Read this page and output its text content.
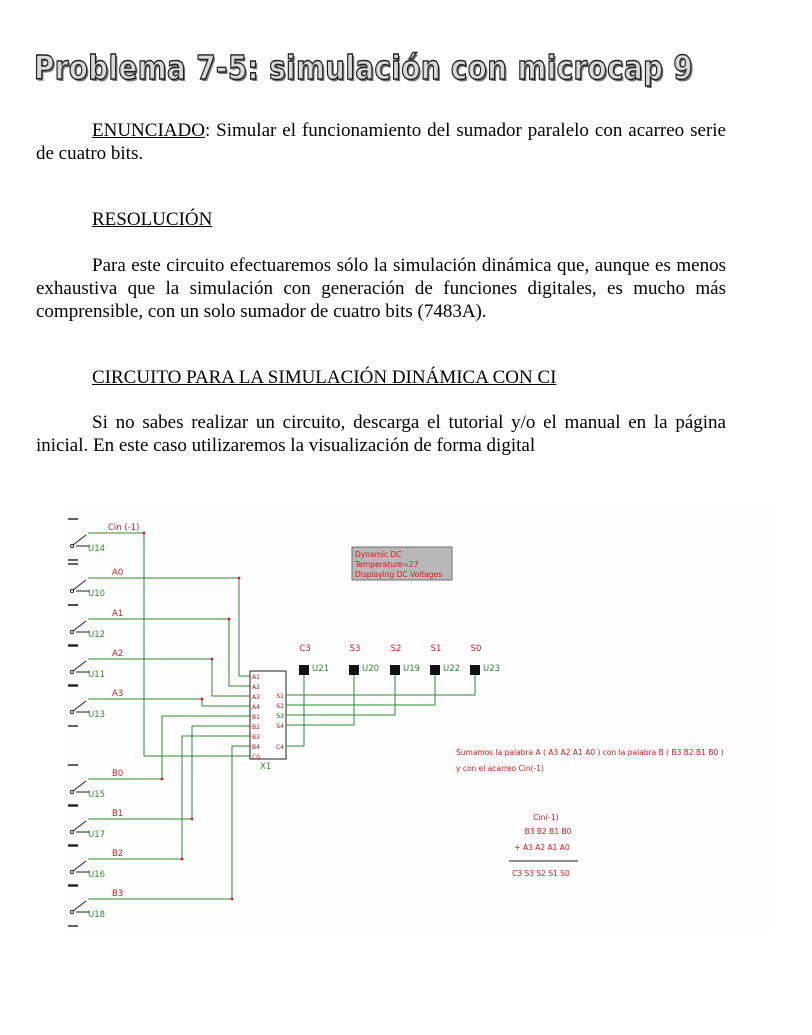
Problema 7-5: simulación con microcap 9

ENUNCIADO: Simular el funcionamiento del sumador paralelo con acarreo serie de cuatro bits.

RESOLUCIÓN

Para este circuito efectuaremos sólo la simulación dinámica que, aunque es menos exhaustiva que la simulación con generación de funciones digitales, es mucho más comprensible, con un solo sumador de cuatro bits (7483A).

CIRCUITO PARA LA SIMULACIÓN DINÁMICA CON CI

Si no sabes realizar un circuito, descarga el tutorial y/o el manual en la página inicial. En este caso utilizaremos la visualización de forma digital

Cin (-1)
U14
A0
U10
A1
U12
A2
U11
A3
U13
B0
U15
B1
U17
B2
U16
B3
U18
A1
A2
A3
A4
B1
B2
B3
B4
C0
S1
S2
S3
S4
C4
X1
C3
U21
S3
U20
S2
U19
S1
U22
S0
U23
Dynamic DC
Temperature=27
Displaying DC Voltages
Sumamos la palabra A ( A3 A2 A1 A0 ) con la palabra B ( B3 B2 B1 B0 )
y con el acarreo Cin(-1)
Cin(-1)
B3 B2 B1 B0
+ A3 A2 A1 A0
C3 S3 S2 S1 S0
